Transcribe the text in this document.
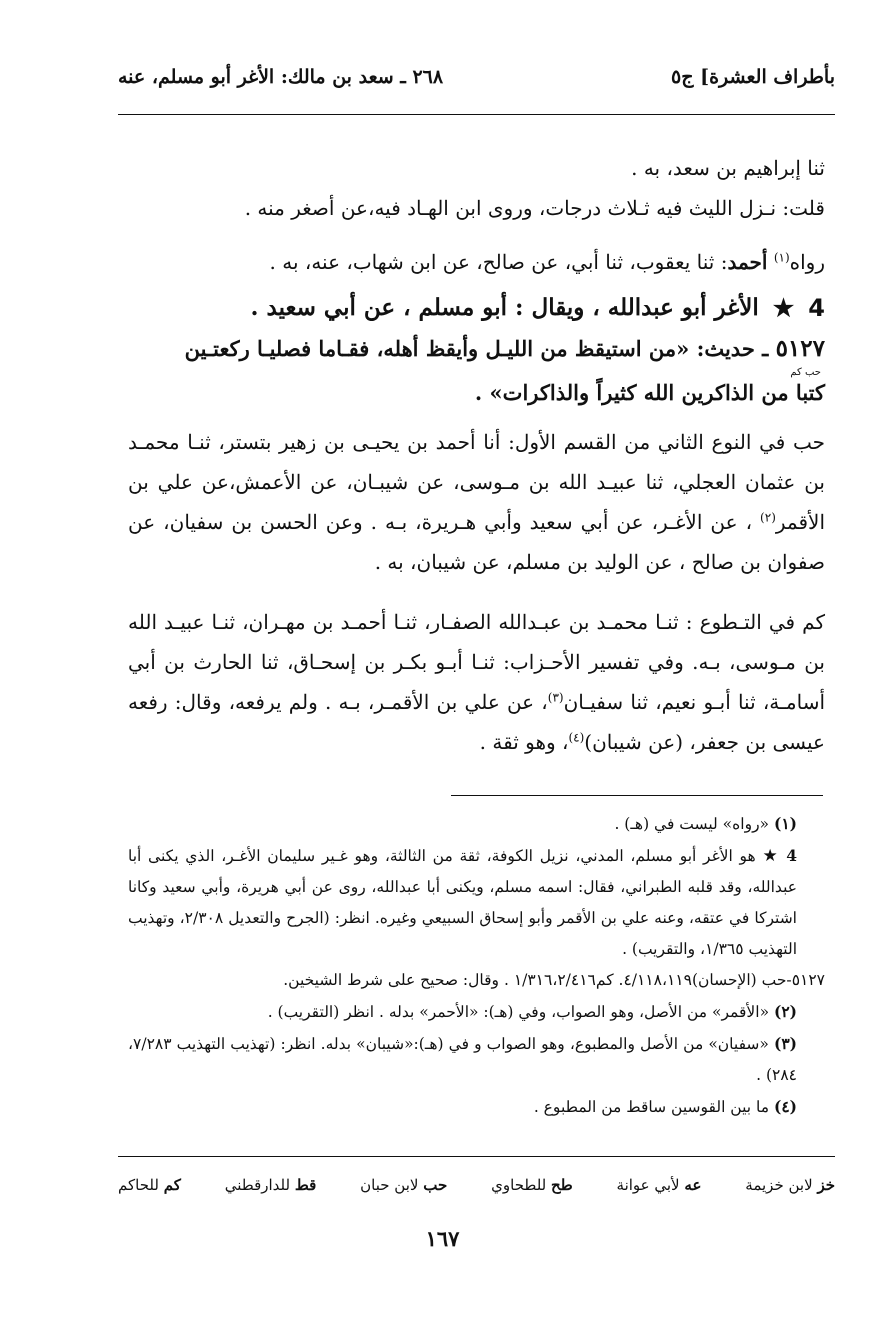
بأطراف العشرة] ج٥
٢٦٨ ـ سعد بن مالك: الأغر أبو مسلم، عنه

ثنا إبراهيم بن سعد، به .

قلت: نـزل الليث فيه ثـلاث درجات، وروى ابن الهـاد فيه،عن أصغر منه .

رواه$^{(١)}$ أحمد: ثنا يعقوب، ثنا أبي، عن صالح، عن ابن شهاب، عنه، به .

4
★
الأغر أبو عبدالله ، ويقال : أبو مسلم ، عن أبي سعيد .

٥١٢٧ ـ حديث: «من استيقظ من الليـل وأيقظ أهله، فقـاما فصليـا ركعتـين

حب كم

كتبا من الذاكرين الله كثيراً والذاكرات» .

حب في النوع الثاني من القسم الأول: أنا أحمد بن يحيـى بن زهير بتستر، ثنـا محمـد بن عثمان العجلي، ثنا عبيـد الله بن مـوسى، عن شيبـان، عن الأعمش،عن علي بن الأقمر$^{(٢)}$ ، عن الأغـر، عن أبي سعيد وأبي هـريرة، بـه . وعن الحسن بن سفيان، عن صفوان بن صالح ، عن الوليد بن مسلم، عن شيبان، به .

كم في التـطوع : ثنـا محمـد بن عبـدالله الصفـار، ثنـا أحمـد بن مهـران، ثنـا عبيـد الله بن مـوسى، بـه. وفي تفسير الأحـزاب: ثنـا أبـو بكـر بن إسحـاق، ثنا الحارث بن أبي أسامـة، ثنا أبـو نعيم، ثنا سفيـان$^{(٣)}$، عن علي بن الأقمـر، بـه . ولم يرفعه، وقال: رفعه عيسى بن جعفر، (عن شيبان)$^{(٤)}$، وهو ثقة .

(١) «رواه» ليست في (هـ) .

4 ★ هو الأغر أبو مسلم، المدني، نزيل الكوفة، ثقة من الثالثة، وهو غـير سليمان الأغـر، الذي يكنى أبا عبدالله، وقد قلبه الطبراني، فقال: اسمه مسلم، ويكنى أبا عبدالله، روى عن أبي هريرة، وأبي سعيد وكانا اشتركا في عتقه، وعنه علي بن الأقمر وأبو إسحاق السبيعي وغيره. انظر: (الجرح والتعديل ٢/٣٠٨، وتهذيب التهذيب ١/٣٦٥، والتقريب) .

٥١٢٧-حب (الإحسان)٤/١١٨،١١٩. كم١/٣١٦،٢/٤١٦ . وقال: صحيح على شرط الشيخين.

(٢) «الأقمر» من الأصل، وهو الصواب، وفي (هـ): «الأحمر» بدله . انظر (التقريب) .

(٣) «سفيان» من الأصل والمطبوع، وهو الصواب و في (هـ):«شيبان» بدله. انظر: (تهذيب التهذيب ٧/٢٨٣، ٢٨٤) .

(٤) ما بين القوسين ساقط من المطبوع .

خز لابن خزيمة
عه لأبي عوانة
طح للطحاوي
حب لابن حبان
قط للدارقطني
كم للحاكم
١٦٧
